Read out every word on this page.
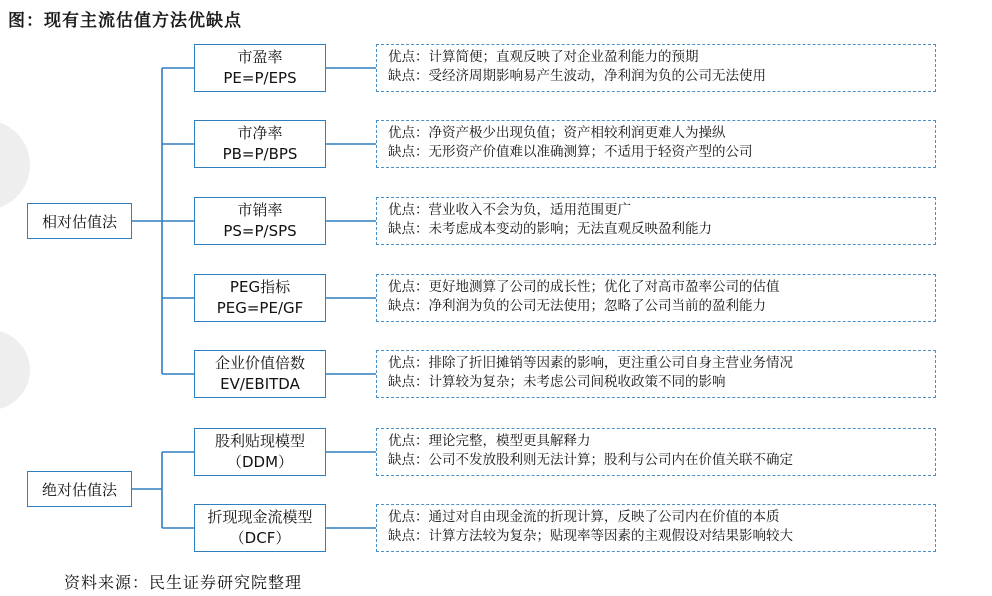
图：现有主流估值方法优缺点
相对估值法
绝对估值法
市盈率
PE=P/EPS
市净率
PB=P/BPS
市销率
PS=P/SPS
PEG指标
PEG=PE/GF
企业价值倍数
EV/EBITDA
股利贴现模型
（DDM）
折现现金流模型
（DCF）
优点：计算简便；直观反映了对企业盈利能力的预期
缺点：受经济周期影响易产生波动，净利润为负的公司无法使用
优点：净资产极少出现负值；资产相较利润更难人为操纵
缺点：无形资产价值难以准确测算；不适用于轻资产型的公司
优点：营业收入不会为负，适用范围更广
缺点：未考虑成本变动的影响；无法直观反映盈利能力
优点：更好地测算了公司的成长性；优化了对高市盈率公司的估值
缺点：净利润为负的公司无法使用；忽略了公司当前的盈利能力
优点：排除了折旧摊销等因素的影响，更注重公司自身主营业务情况
缺点：计算较为复杂；未考虑公司间税收政策不同的影响
优点：理论完整，模型更具解释力
缺点：公司不发放股利则无法计算；股利与公司内在价值关联不确定
优点：通过对自由现金流的折现计算，反映了公司内在价值的本质
缺点：计算方法较为复杂；贴现率等因素的主观假设对结果影响较大
资料来源：民生证券研究院整理
